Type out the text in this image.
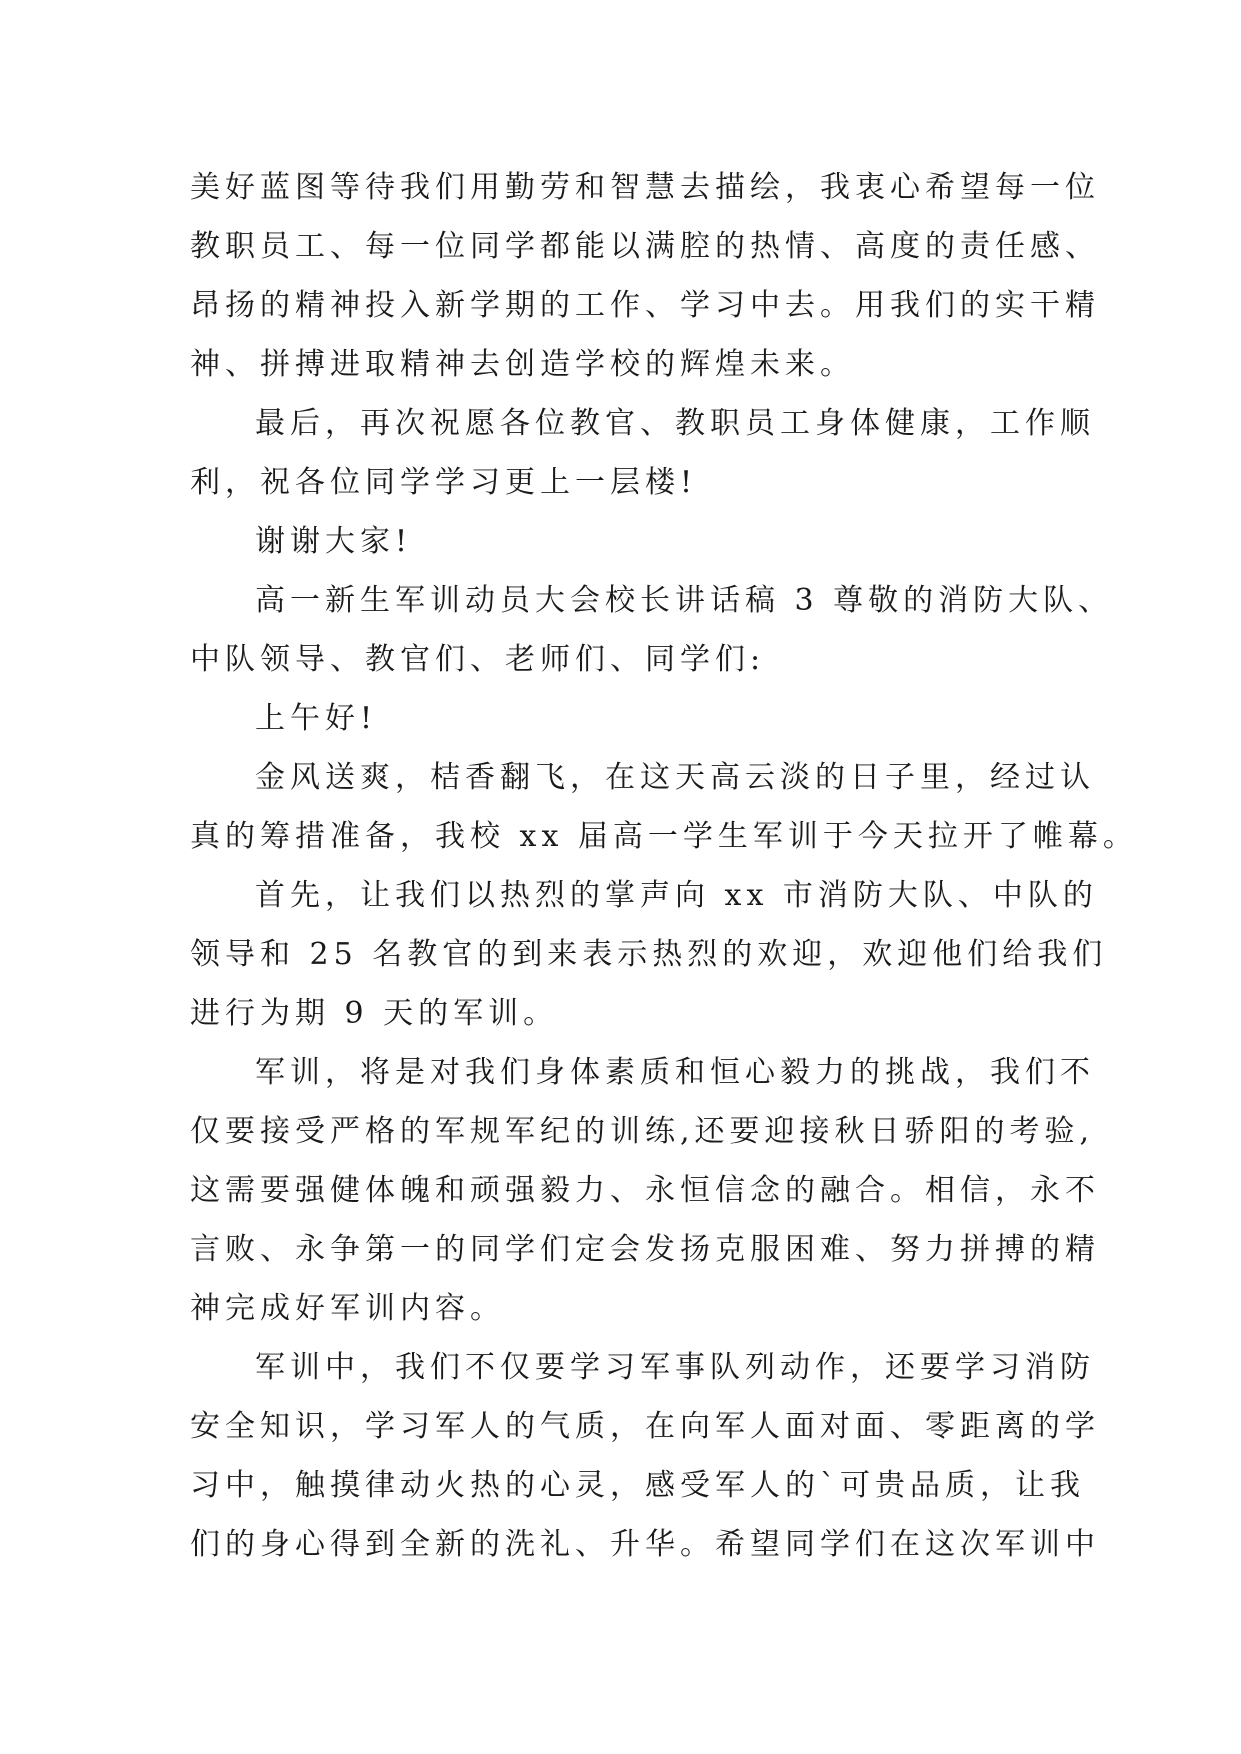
美好蓝图等待我们用勤劳和智慧去描绘，我衷心希望每一位
教职员工、每一位同学都能以满腔的热情、高度的责任感、
昂扬的精神投入新学期的工作、学习中去。用我们的实干精
神、拼搏进取精神去创造学校的辉煌未来。
最后，再次祝愿各位教官、教职员工身体健康，工作顺
利，祝各位同学学习更上一层楼!
谢谢大家!
高一新生军训动员大会校长讲话稿 3 尊敬的消防大队、
中队领导、教官们、老师们、同学们:
上午好!
金风送爽，桔香翻飞，在这天高云淡的日子里，经过认
真的筹措准备，我校 xx 届高一学生军训于今天拉开了帷幕。
首先，让我们以热烈的掌声向 xx 市消防大队、中队的
领导和 25 名教官的到来表示热烈的欢迎，欢迎他们给我们
进行为期 9 天的军训。
军训，将是对我们身体素质和恒心毅力的挑战，我们不
仅要接受严格的军规军纪的训练,还要迎接秋日骄阳的考验,
这需要强健体魄和顽强毅力、永恒信念的融合。相信，永不
言败、永争第一的同学们定会发扬克服困难、努力拼搏的精
神完成好军训内容。
军训中，我们不仅要学习军事队列动作，还要学习消防
安全知识，学习军人的气质，在向军人面对面、零距离的学
习中，触摸律动火热的心灵，感受军人的`可贵品质，让我
们的身心得到全新的洗礼、升华。希望同学们在这次军训中
